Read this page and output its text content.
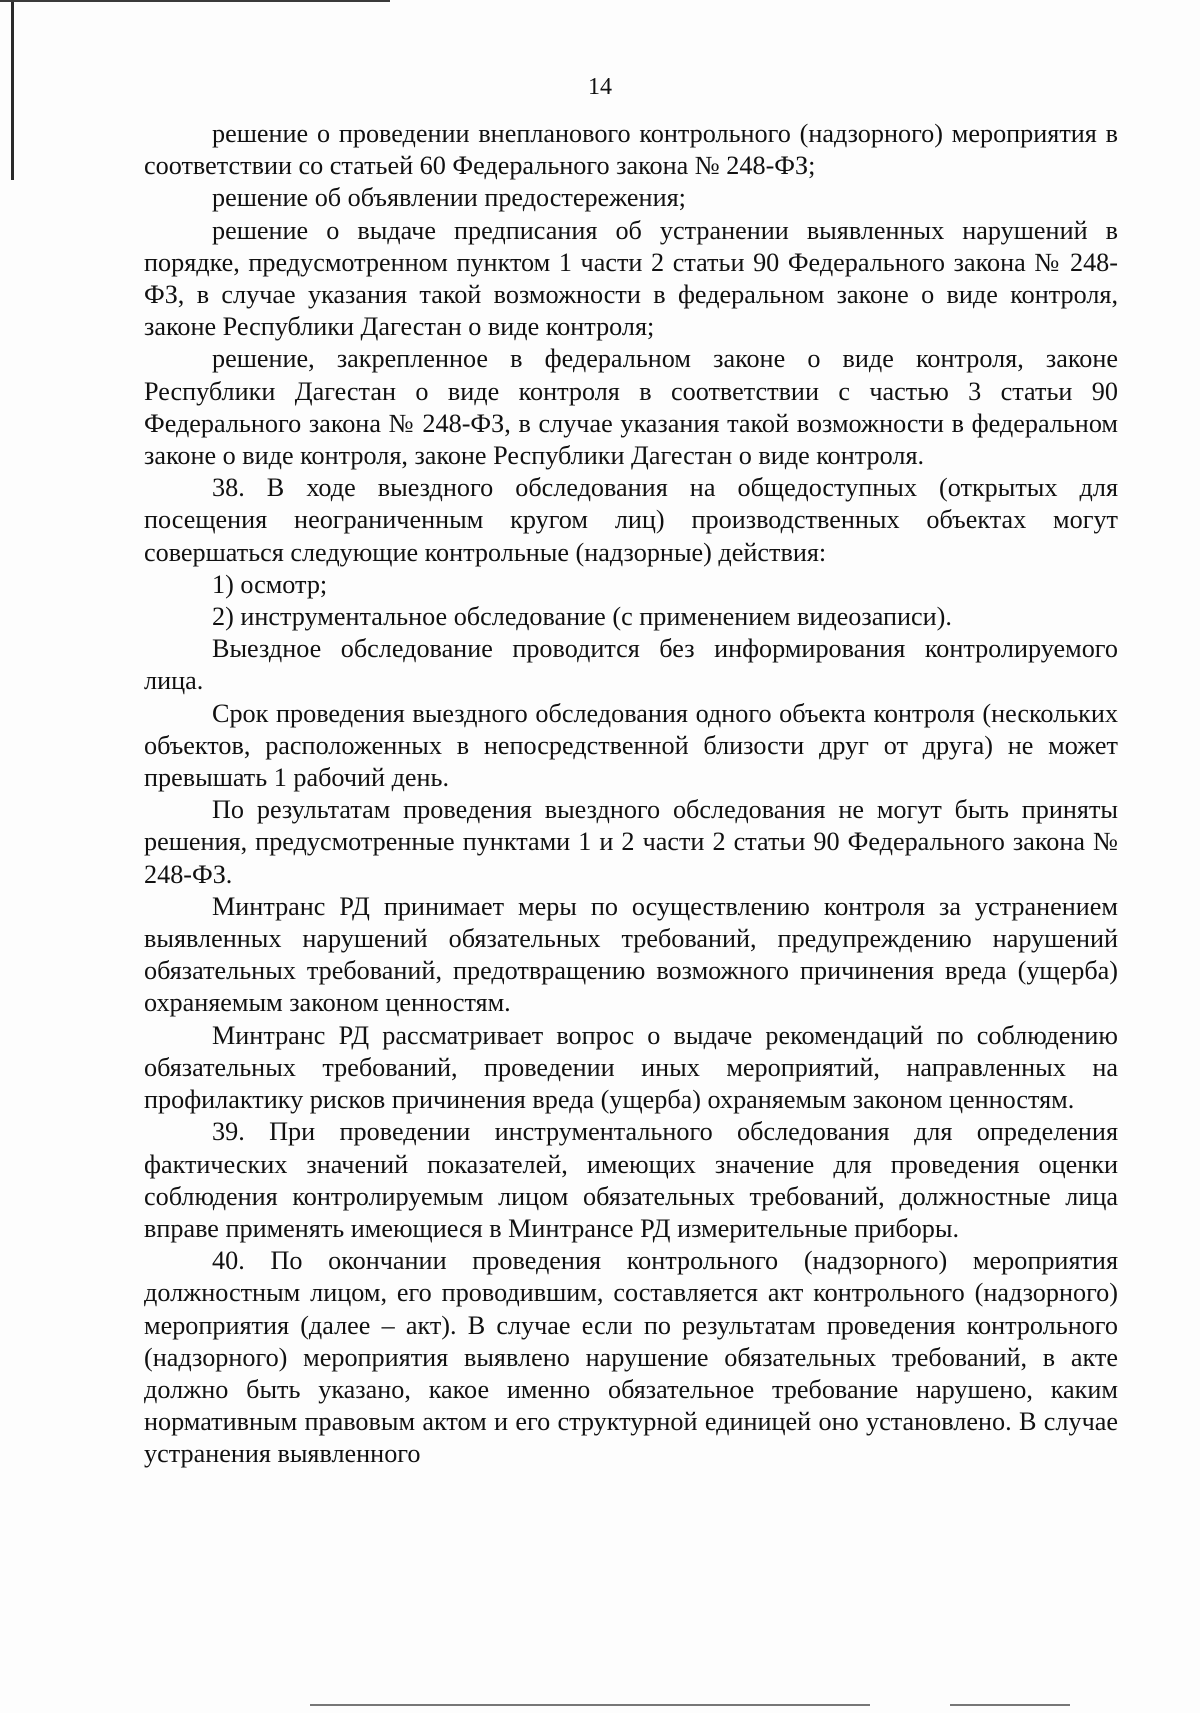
14

решение о проведении внепланового контрольного (надзорного) мероприятия в соответствии со статьей 60 Федерального закона № 248-ФЗ;

решение об объявлении предостережения;

решение о выдаче предписания об устранении выявленных нарушений в порядке, предусмотренном пунктом 1 части 2 статьи 90 Федерального закона № 248-ФЗ, в случае указания такой возможности в федеральном законе о виде контроля, законе Республики Дагестан о виде контроля;

решение, закрепленное в федеральном законе о виде контроля, законе Республики Дагестан о виде контроля в соответствии с частью 3 статьи 90 Федерального закона № 248-ФЗ, в случае указания такой возможности в федеральном законе о виде контроля, законе Республики Дагестан о виде контроля.

38. В ходе выездного обследования на общедоступных (открытых для посещения неограниченным кругом лиц) производственных объектах могут совершаться следующие контрольные (надзорные) действия:

1) осмотр;

2) инструментальное обследование (с применением видеозаписи).

Выездное обследование проводится без информирования контролируемого лица.

Срок проведения выездного обследования одного объекта контроля (нескольких объектов, расположенных в непосредственной близости друг от друга) не может превышать 1 рабочий день.

По результатам проведения выездного обследования не могут быть приняты решения, предусмотренные пунктами 1 и 2 части 2 статьи 90 Федерального закона № 248-ФЗ.

Минтранс РД принимает меры по осуществлению контроля за устранением выявленных нарушений обязательных требований, предупреждению нарушений обязательных требований, предотвращению возможного причинения вреда (ущерба) охраняемым законом ценностям.

Минтранс РД рассматривает вопрос о выдаче рекомендаций по соблюдению обязательных требований, проведении иных мероприятий, направленных на профилактику рисков причинения вреда (ущерба) охраняемым законом ценностям.

39. При проведении инструментального обследования для определения фактических значений показателей, имеющих значение для проведения оценки соблюдения контролируемым лицом обязательных требований, должностные лица вправе применять имеющиеся в Минтрансе РД измерительные приборы.

40. По окончании проведения контрольного (надзорного) мероприятия должностным лицом, его проводившим, составляется акт контрольного (надзорного) мероприятия (далее – акт). В случае если по результатам проведения контрольного (надзорного) мероприятия выявлено нарушение обязательных требований, в акте должно быть указано, какое именно обязательное требование нарушено, каким нормативным правовым актом и его структурной единицей оно установлено. В случае устранения выявленного
